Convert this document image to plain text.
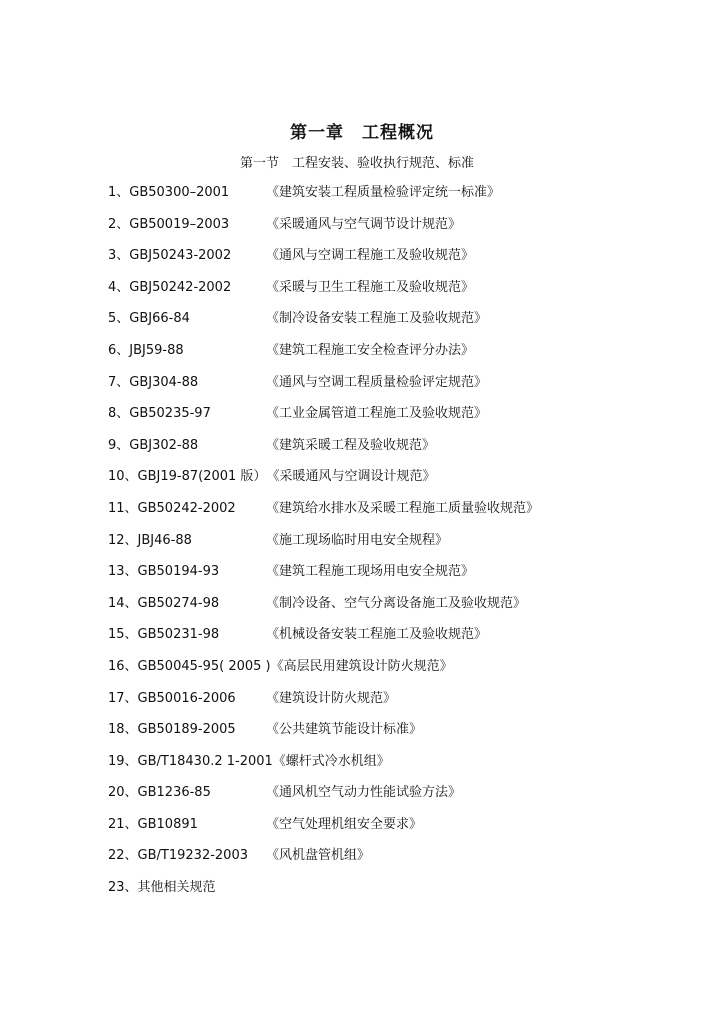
第一章　工程概况
第一节　工程安装、验收执行规范、标准
1、GB50300–2001	《建筑安装工程质量检验评定统一标准》
2、GB50019–2003	《采暖通风与空气调节设计规范》
3、GBJ50243-2002	《通风与空调工程施工及验收规范》
4、GBJ50242-2002	《采暖与卫生工程施工及验收规范》
5、GBJ66-84	《制冷设备安装工程施工及验收规范》
6、JBJ59-88	《建筑工程施工安全检查评分办法》
7、GBJ304-88	《通风与空调工程质量检验评定规范》
8、GB50235-97	《工业金属管道工程施工及验收规范》
9、GBJ302-88	《建筑采暖工程及验收规范》
10、GBJ19-87(2001 版）《采暖通风与空调设计规范》
11、GB50242-2002 《建筑给水排水及采暖工程施工质量验收规范》
12、JBJ46-88	《施工现场临时用电安全规程》
13、GB50194-93	《建筑工程施工现场用电安全规范》
14、GB50274-98	《制冷设备、空气分离设备施工及验收规范》
15、GB50231-98	《机械设备安装工程施工及验收规范》
16、GB50045-95( 2005 )《高层民用建筑设计防火规范》
17、GB50016-2006 《建筑设计防火规范》
18、GB50189-2005 《公共建筑节能设计标准》
19、GB/T18430.2 1-2001《螺杆式冷水机组》
20、GB1236-85	《通风机空气动力性能试验方法》
21、GB10891	《空气处理机组安全要求》
22、GB/T19232-2003 《风机盘管机组》
23、其他相关规范
